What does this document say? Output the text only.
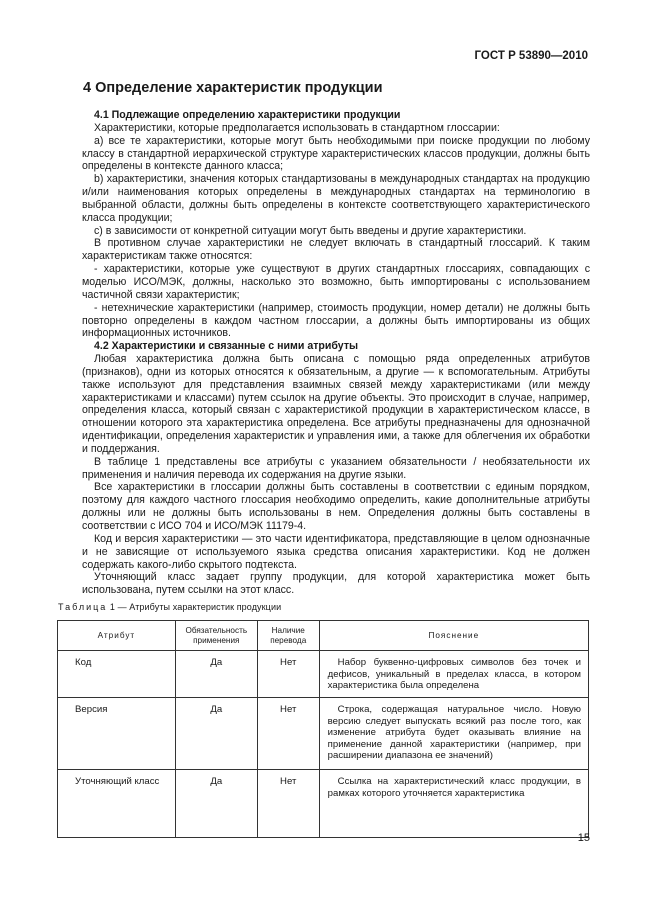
ГОСТ Р 53890—2010
4 Определение характеристик продукции

4.1 Подлежащие определению характеристики продукции

Характеристики, которые предполагается использовать в стандартном глоссарии:

а) все те характеристики, которые могут быть необходимыми при поиске продукции по любому классу в стандартной иерархической структуре характеристических классов продукции, должны быть определены в контексте данного класса;

b) характеристики, значения которых стандартизованы в международных стандартах на продукцию и/или наименования которых определены в международных стандартах на терминологию в выбранной области, должны быть определены в контексте соответствующего характеристического класса продукции;

с) в зависимости от конкретной ситуации могут быть введены и другие характеристики.

В противном случае характеристики не следует включать в стандартный глоссарий. К таким характеристикам также относятся:

- характеристики, которые уже существуют в других стандартных глоссариях, совпадающих с моделью ИСО/МЭК, должны, насколько это возможно, быть импортированы с использованием частичной связи характеристик;

- нетехнические характеристики (например, стоимость продукции, номер детали) не должны быть повторно определены в каждом частном глоссарии, а должны быть импортированы из общих информационных источников.

4.2 Характеристики и связанные с ними атрибуты

Любая характеристика должна быть описана с помощью ряда определенных атрибутов (признаков), одни из которых относятся к обязательным, а другие — к вспомогательным. Атрибуты также используют для представления взаимных связей между характеристиками (или между характеристиками и классами) путем ссылок на другие объекты. Это происходит в случае, например, определения класса, который связан с характеристикой продукции в характеристическом классе, в отношении которого эта характеристика определена. Все атрибуты предназначены для однозначной идентификации, определения характеристик и управления ими, а также для облегчения их обработки и поддержания.

В таблице 1 представлены все атрибуты с указанием обязательности / необязательности их применения и наличия перевода их содержания на другие языки.

Все характеристики в глоссарии должны быть составлены в соответствии с единым порядком, поэтому для каждого частного глоссария необходимо определить, какие дополнительные атрибуты должны или не должны быть использованы в нем. Определения должны быть составлены в соответствии с ИСО 704 и ИСО/МЭК 11179-4.

Код и версия характеристики — это части идентификатора, представляющие в целом однозначные и не зависящие от используемого языка средства описания характеристики. Код не должен содержать какого-либо скрытого подтекста.

Уточняющий класс задает группу продукции, для которой характеристика может быть использована, путем ссылки на этот класс.

Таблица 1 — Атрибуты характеристик продукции
Атрибут	Обязательность применения	Наличие перевода	Пояснение
Код	Да	Нет	Набор буквенно-цифровых символов без точек и дефисов, уникальный в пределах класса, в котором характеристика была определена

Версия	Да	Нет	Строка, содержащая натуральное число. Новую версию следует выпускать всякий раз после того, как изменение атрибута будет оказывать влияние на применение данной характеристики (например, при расширении диапазона ее значений)

Уточняющий класс	Да	Нет	Ссылка на характеристический класс продукции, в рамках которого уточняется характеристика
15
